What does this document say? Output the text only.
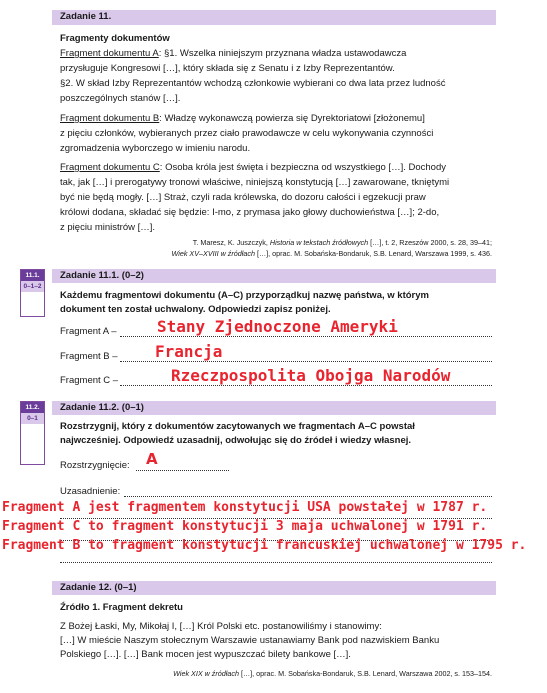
Zadanie 11.
Fragmenty dokumentów
Fragment dokumentu A: §1. Wszelka niniejszym przyznana władza ustawodawcza
przysługuje Kongresowi […], który składa się z Senatu i z Izby Reprezentantów.
§2. W skład Izby Reprezentantów wchodzą członkowie wybierani co dwa lata przez ludność
poszczególnych stanów […].
Fragment dokumentu B: Władzę wykonawczą powierza się Dyrektoriatowi [złożonemu]
z pięciu członków, wybieranych przez ciało prawodawcze w celu wykonywania czynności
zgromadzenia wyborczego w imieniu narodu.
Fragment dokumentu C: Osoba króla jest święta i bezpieczna od wszystkiego […]. Dochody
tak, jak […] i prerogatywy tronowi właściwe, niniejszą konstytucją […] zawarowane, tkniętymi
być nie będą mogły. […] Straż, czyli rada królewska, do dozoru całości i egzekucji praw
królowi dodana, składać się będzie: I-mo, z prymasa jako głowy duchowieństwa […]; 2-do,
z pięciu ministrów […].
T. Maresz, K. Juszczyk, Historia w tekstach źródłowych […], t. 2, Rzeszów 2000, s. 28, 39–41;
Wiek XV–XVIII w źródłach […], oprac. M. Sobańska-Bondaruk, S.B. Lenard, Warszawa 1999, s. 436.
11.1.
0–1–2
Zadanie 11.1. (0–2)
Każdemu fragmentowi dokumentu (A–C) przyporządkuj nazwę państwa, w którym
dokument ten został uchwalony. Odpowiedzi zapisz poniżej.
Fragment A –	Stany Zjednoczone Ameryki
Fragment B – Francja
Fragment C –	Rzeczpospolita Obojga Narodów
11.2.
0–1
Zadanie 11.2. (0–1)
Rozstrzygnij, który z dokumentów zacytowanych we fragmentach A–C powstał
najwcześniej. Odpowiedź uzasadnij, odwołując się do źródeł i wiedzy własnej.
Rozstrzygnięcie: A
Uzasadnienie:
Fragment A jest fragmentem konstytucji USA powstałej w 1787 r.
Fragment C to fragment konstytucji 3 maja uchwalonej w 1791 r.
Fragment B to fragment konstytucji francuskiej uchwalonej w 1795 r.
Zadanie 12. (0–1)
Źródło 1. Fragment dekretu
Z Bożej Łaski, My, Mikołaj I, […] Król Polski etc. postanowiliśmy i stanowimy:
[…] W mieście Naszym stołecznym Warszawie ustanawiamy Bank pod nazwiskiem Banku
Polskiego […]. […] Bank mocen jest wypuszczać bilety bankowe […].
Wiek XIX w źródłach […], oprac. M. Sobańska-Bondaruk, S.B. Lenard, Warszawa 2002, s. 153–154.
